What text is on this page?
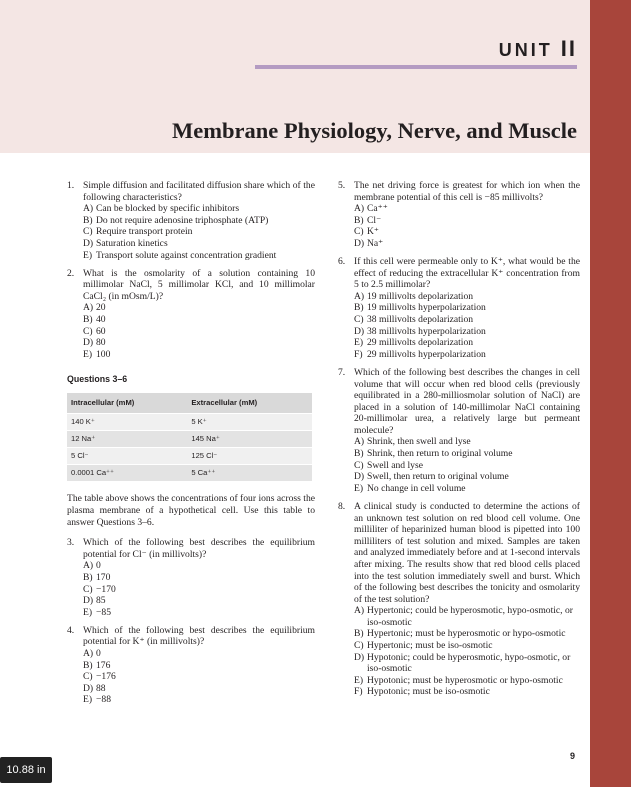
UNIT II
Membrane Physiology, Nerve, and Muscle
1. Simple diffusion and facilitated diffusion share which of the following characteristics?
A) Can be blocked by specific inhibitors
B) Do not require adenosine triphosphate (ATP)
C) Require transport protein
D) Saturation kinetics
E) Transport solute against concentration gradient
2. What is the osmolarity of a solution containing 10 millimolar NaCl, 5 millimolar KCl, and 10 millimolar CaCl₂ (in mOsm/L)?
A) 20
B) 40
C) 60
D) 80
E) 100
Questions 3–6
Intracellular (mM)	Extracellular (mM)
140 K⁺	5 K⁺
12 Na⁺	145 Na⁺
5 Cl⁻	125 Cl⁻
0.0001 Ca⁺⁺	5 Ca⁺⁺
The table above shows the concentrations of four ions across the plasma membrane of a hypothetical cell. Use this table to answer Questions 3–6.
3. Which of the following best describes the equilibrium potential for Cl⁻ (in millivolts)?
A) 0
B) 170
C) −170
D) 85
E) −85
4. Which of the following best describes the equilibrium potential for K⁺ (in millivolts)?
A) 0
B) 176
C) −176
D) 88
E) −88
5. The net driving force is greatest for which ion when the membrane potential of this cell is −85 millivolts?
A) Ca⁺⁺
B) Cl⁻
C) K⁺
D) Na⁺
6. If this cell were permeable only to K⁺, what would be the effect of reducing the extracellular K⁺ concentration from 5 to 2.5 millimolar?
A) 19 millivolts depolarization
B) 19 millivolts hyperpolarization
C) 38 millivolts depolarization
D) 38 millivolts hyperpolarization
E) 29 millivolts depolarization
F) 29 millivolts hyperpolarization
7. Which of the following best describes the changes in cell volume that will occur when red blood cells (previously equilibrated in a 280-milliosmolar solution of NaCl) are placed in a solution of 140-millimolar NaCl containing 20-millimolar urea, a relatively large but permeant molecule?
A) Shrink, then swell and lyse
B) Shrink, then return to original volume
C) Swell and lyse
D) Swell, then return to original volume
E) No change in cell volume
8. A clinical study is conducted to determine the actions of an unknown test solution on red blood cell volume. One milliliter of heparinized human blood is pipetted into 100 milliliters of test solution and mixed. Samples are taken and analyzed immediately before and at 1-second intervals after mixing. The results show that red blood cells placed into the test solution immediately swell and burst. Which of the following best describes the tonicity and osmolarity of the test solution?
A) Hypertonic; could be hyperosmotic, hypo-osmotic, or iso-osmotic
B) Hypertonic; must be hyperosmotic or hypo-osmotic
C) Hypertonic; must be iso-osmotic
D) Hypotonic; could be hyperosmotic, hypo-osmotic, or iso-osmotic
E) Hypotonic; must be hyperosmotic or hypo-osmotic
F) Hypotonic; must be iso-osmotic
9
10.88 in
